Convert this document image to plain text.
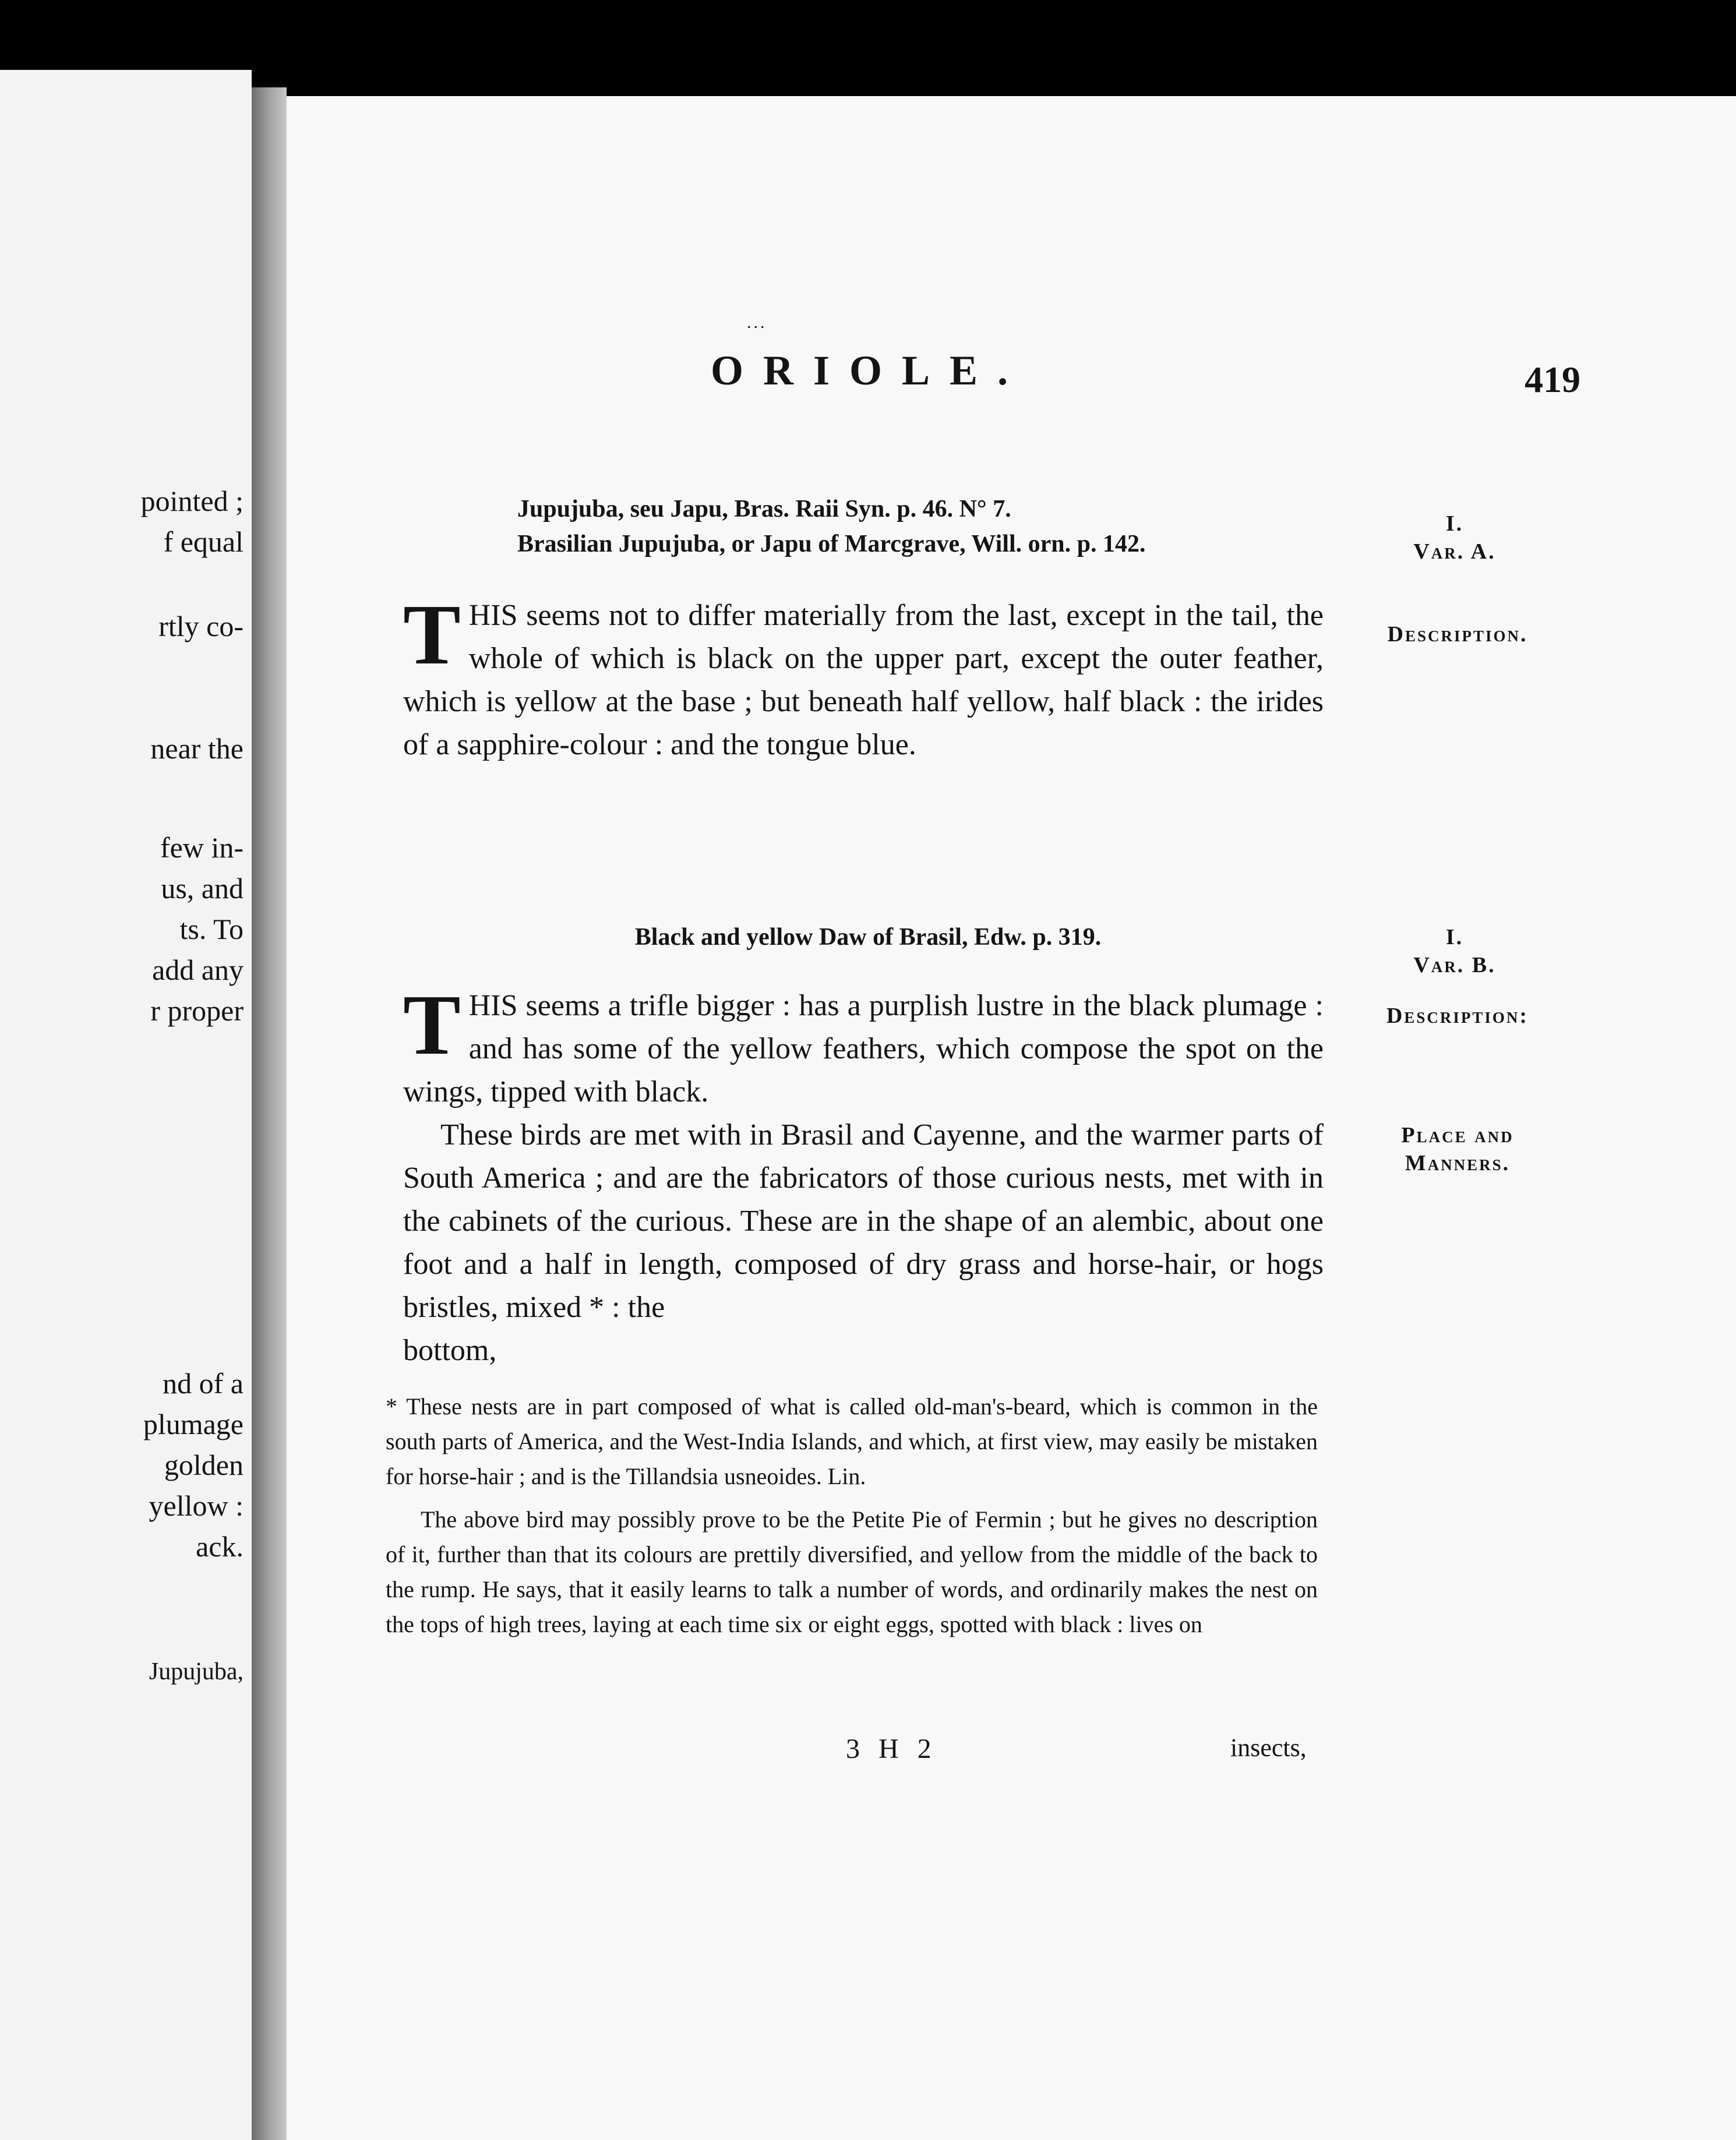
pointed ;
f equal
rtly co-
near the
few in-
us, and
ts. To
add any
r proper
nd of a
plumage
golden
yellow :
ack.
Jupujuba,
...
ORIOLE.	419
Jupujuba, seu Japu, Bras. Raii Syn. p. 46. N° 7.
Brasilian Jupujuba, or Japu of Marcgrave, Will. orn. p. 142.

THIS seems not to differ materially from the last, except in the tail, the whole of which is black on the upper part, except the outer feather, which is yellow at the base ; but beneath half yellow, half black : the irides of a sapphire-colour : and the tongue blue.

Black and yellow Daw of Brasil, Edw. p. 319.

THIS seems a trifle bigger : has a purplish lustre in the black plumage : and has some of the yellow feathers, which compose the spot on the wings, tipped with black.

These birds are met with in Brasil and Cayenne, and the warmer parts of South America ; and are the fabricators of those curious nests, met with in the cabinets of the curious. These are in the shape of an alembic, about one foot and a half in length, composed of dry grass and horse-hair, or hogs bristles, mixed * : the

bottom,

I.
Var. A.
Description.
I.
Var. B.
Description:
Place and
Manners.

* These nests are in part composed of what is called old-man's-beard, which is common in the south parts of America, and the West-India Islands, and which, at first view, may easily be mistaken for horse-hair ; and is the Tillandsia usneoides. Lin.

The above bird may possibly prove to be the Petite Pie of Fermin ; but he gives no description of it, further than that its colours are prettily diversified, and yellow from the middle of the back to the rump. He says, that it easily learns to talk a number of words, and ordinarily makes the nest on the tops of high trees, laying at each time six or eight eggs, spotted with black : lives on

3 H 2	insects,
